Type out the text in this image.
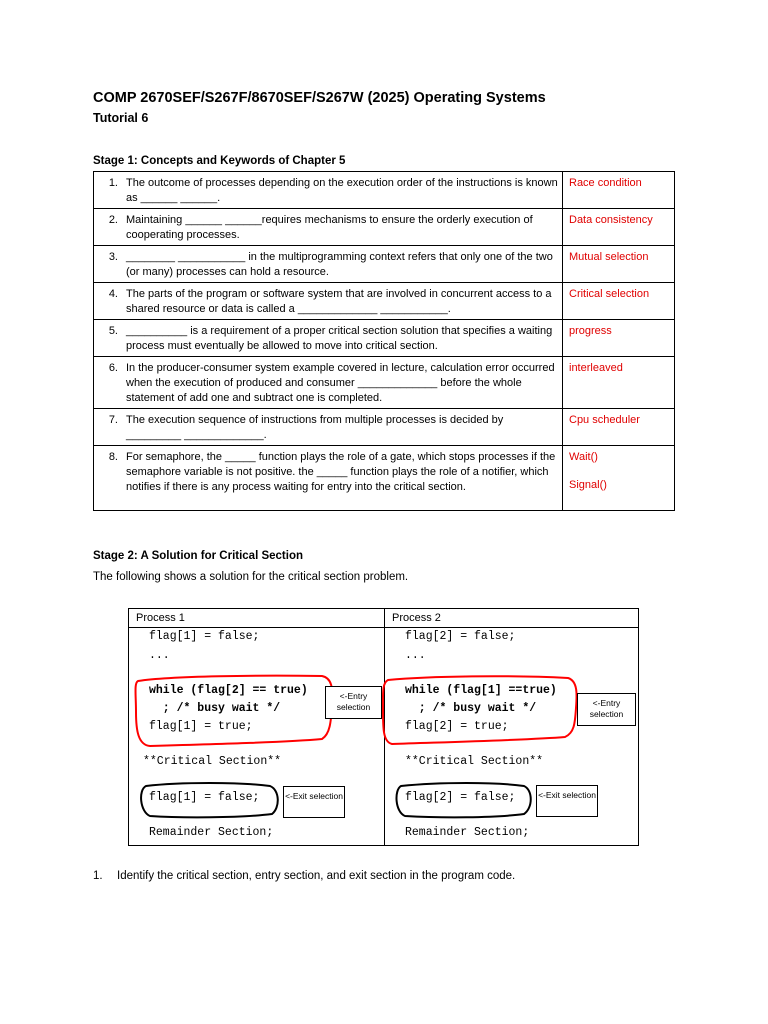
COMP 2670SEF/S267F/8670SEF/S267W (2025) Operating Systems
Tutorial 6
Stage 1: Concepts and Keywords of Chapter 5
1.	The outcome of processes depending on the execution order of the instructions is known as ______ ______.	Race condition
2.	Maintaining ______ ______requires mechanisms to ensure the orderly execution of cooperating processes.	Data consistency
3.	________ ___________ in the multiprogramming context refers that only one of the two (or many) processes can hold a resource.	Mutual selection
4.	The parts of the program or software system that are involved in concurrent access to a shared resource or data is called a _____________ ___________.	Critical selection
5.	__________ is a requirement of a proper critical section solution that specifies a waiting process must eventually be allowed to move into critical section.	progress
6.	In the producer-consumer system example covered in lecture, calculation error occurred when the execution of produced and consumer _____________ before the whole statement of add one and subtract one is completed.	interleaved
7.	The execution sequence of instructions from multiple processes is decided by _________ _____________.	Cpu scheduler
8.	For semaphore, the _____ function plays the role of a gate, which stops processes if the semaphore variable is not positive. the _____ function plays the role of a notifier, which notifies if there is any process waiting for entry into the critical section.	Wait()
Signal()
Stage 2: A Solution for Critical Section
The following shows a solution for the critical section problem.
Process 1
flag[1] = false;
...
while (flag[2] == true)
; /* busy wait */
flag[1] = true;
**Critical Section**
flag[1] = false;
Remainder Section;
Process 2
flag[2] = false;
...
while (flag[1] ==true)
; /* busy wait */
flag[2] = true;
**Critical Section**
flag[2] = false;
Remainder Section;
<-Entry selection	<-Entry selection
<-Exit selection	<-Exit selection
1. Identify the critical section, entry section, and exit section in the program code.
